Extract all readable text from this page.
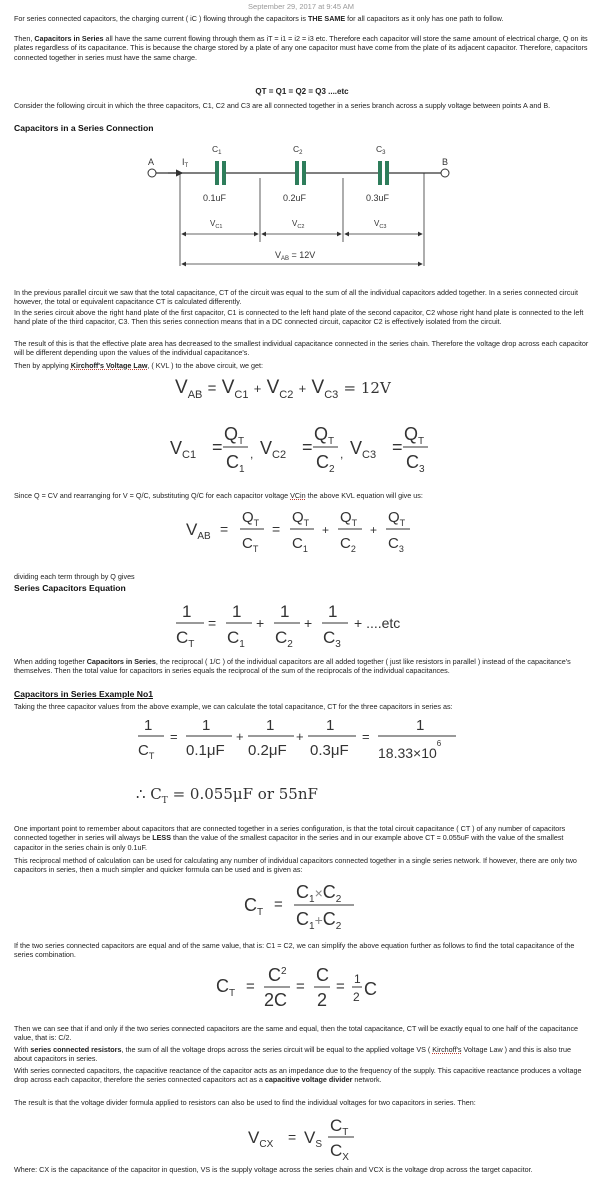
September 29, 2017 at 9:45 AM
For series connected capacitors, the charging current ( iC ) flowing through the capacitors is THE SAME for all capacitors as it only has one path to follow.
Then, Capacitors in Series all have the same current flowing through them as iT = i1 = i2 = i3 etc. Therefore each capacitor will store the same amount of electrical charge, Q on its plates regardless of its capacitance. This is because the charge stored by a plate of any one capacitor must have come from the plate of its adjacent capacitor. Therefore, capacitors connected together in series must have the same charge.
QT = Q1 = Q2 = Q3 ....etc
Consider the following circuit in which the three capacitors, C1, C2 and C3 are all connected together in a series branch across a supply voltage between points A and B.
Capacitors in a Series Connection
A	B
$I_T$
$C_1$	$C_2$	$C_3$
0.1uF	0.2uF	0.3uF
$V_{C1}$	$V_{C2}$	$V_{C3}$
$V_{AB} = 12V$
In the previous parallel circuit we saw that the total capacitance, CT of the circuit was equal to the sum of all the individual capacitors added together. In a series connected circuit however, the total or equivalent capacitance CT is calculated differently.
In the series circuit above the right hand plate of the first capacitor, C1 is connected to the left hand plate of the second capacitor, C2 whose right hand plate is connected to the left hand plate of the third capacitor, C3. Then this series connection means that in a DC connected circuit, capacitor C2 is effectively isolated from the circuit.
The result of this is that the effective plate area has decreased to the smallest individual capacitance connected in the series chain. Therefore the voltage drop across each capacitor will be different depending upon the values of the individual capacitance's.
Then by applying Kirchoff's Voltage Law, ( KVL ) to the above circuit, we get:
$V_{AB} = V_{C1} + V_{C2} + V_{C3} = 12V$
$V_{C1}$ =
$Q_T$
$C_1$
, $V_{C2}$ =
$Q_T$
$C_2$
, $V_{C3}$ =
$Q_T$
$C_3$
Since Q = CV and rearranging for V = Q/C, substituting Q/C for each capacitor voltage VCin the above KVL equation will give us:
$V_{AB}$ =
$Q_T$
$C_T$
=
$Q_T$
$C_1$
+
$Q_T$
$C_2$
+
$Q_T$
$C_3$
dividing each term through by Q gives
Series Capacitors Equation
1
$C_T$
=
1
$C_1$
+
1
$C_2$
+
1
$C_3$
+ ....etc
When adding together Capacitors in Series, the reciprocal ( 1/C ) of the individual capacitors are all added together ( just like resistors in parallel ) instead of the capacitance's themselves. Then the total value for capacitors in series equals the reciprocal of the sum of the reciprocals of the individual capacitances.
Capacitors in Series Example No1
Taking the three capacitor values from the above example, we can calculate the total capacitance, CT for the three capacitors in series as:
1
$C_T$
=
1
0.1μF
+
1
0.2μF
+
1
0.3μF
=
1
$18.33\times 10^6$
∴ $C_T = 0.055\mu F$ or 55nF
One important point to remember about capacitors that are connected together in a series configuration, is that the total circuit capacitance ( CT ) of any number of capacitors connected together in series will always be LESS than the value of the smallest capacitor in the series and in our example above CT = 0.055uF with the value of the smallest capacitor in the series chain is only 0.1uF.
This reciprocal method of calculation can be used for calculating any number of individual capacitors connected together in a single series network. If however, there are only two capacitors in series, then a much simpler and quicker formula can be used and is given as:
$C_T$ =
$C_1^\times C_2$
$C_1^+C_2$
If the two series connected capacitors are equal and of the same value, that is: C1 = C2, we can simplify the above equation further as follows to find the total capacitance of the series combination.
$C_T$ =
$C^2$
2C
=
C
2
= 1
2 C
Then we can see that if and only if the two series connected capacitors are the same and equal, then the total capacitance, CT will be exactly equal to one half of the capacitance value, that is: C/2.
With series connected resistors, the sum of all the voltage drops across the series circuit will be equal to the applied voltage VS ( Kirchoff's Voltage Law ) and this is also true about capacitors in series.
With series connected capacitors, the capacitive reactance of the capacitor acts as an impedance due to the frequency of the supply. This capacitive reactance produces a voltage drop across each capacitor, therefore the series connected capacitors act as a capacitive voltage divider network.
The result is that the voltage divider formula applied to resistors can also be used to find the individual voltages for two capacitors in series. Then:
$V_{CX} = V_S$
$C_T$
$C_X$
Where: CX is the capacitance of the capacitor in question, VS is the supply voltage across the series chain and VCX is the voltage drop across the target capacitor.
